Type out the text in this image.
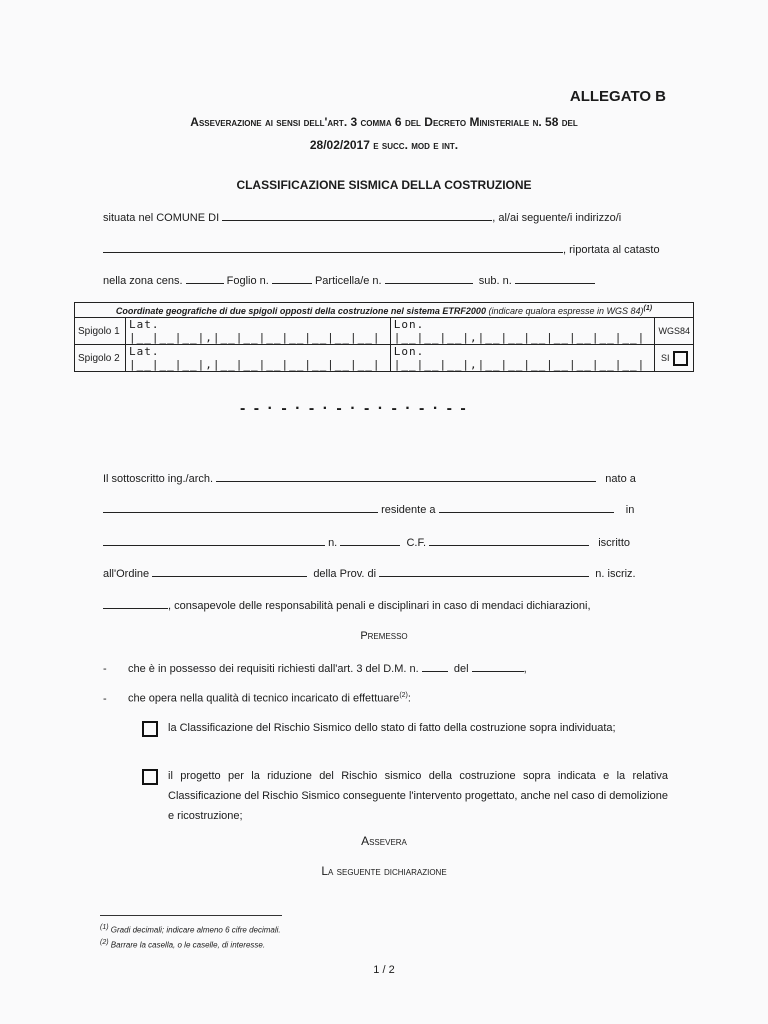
ALLEGATO B
Asseverazione ai sensi dell'art. 3 comma 6 del Decreto Ministeriale n. 58 del
28/02/2017 e succ. mod e int.
CLASSIFICAZIONE SISMICA DELLA COSTRUZIONE
situata nel COMUNE DI	, al/ai seguente/i indirizzo/i
, riportata al catasto
nella zona cens.	Foglio n.	Particella/e n.	sub. n.
Coordinate geografiche di due spigoli opposti della costruzione nel sistema ETRF2000 (indicare qualora espresse in WGS 84)$^{(1)}$
Spigolo 1	Lat. |__|__|__|,|__|__|__|__|__|__|__|	Lon. |__|__|__|,|__|__|__|__|__|__|__|	WGS84
Spigolo 2	Lat. |__|__|__|,|__|__|__|__|__|__|__|	Lon. |__|__|__|,|__|__|__|__|__|__|__|	SI
- - · - · - · - · - · - · - · - -
Il sottoscritto ing./arch.	nato a
residente a	in
n.	C.F.	iscritto
all'Ordine	della Prov. di	n. iscriz.
, consapevole delle responsabilità penali e disciplinari in caso di mendaci dichiarazioni,
Premesso
- che è in possesso dei requisiti richiesti dall'art. 3 del D.M. n.	del	,
- che opera nella qualità di tecnico incaricato di effettuare$^{(2)}$:
la Classificazione del Rischio Sismico dello stato di fatto della costruzione sopra individuata;
il progetto per la riduzione del Rischio sismico della costruzione sopra indicata e la relativa Classificazione del Rischio Sismico conseguente l'intervento progettato, anche nel caso di demolizione e ricostruzione;
Assevera
La seguente dichiarazione
$^{(1)}$ Gradi decimali; indicare almeno 6 cifre decimali.
$^{(2)}$ Barrare la casella, o le caselle, di interesse.
1 / 2
